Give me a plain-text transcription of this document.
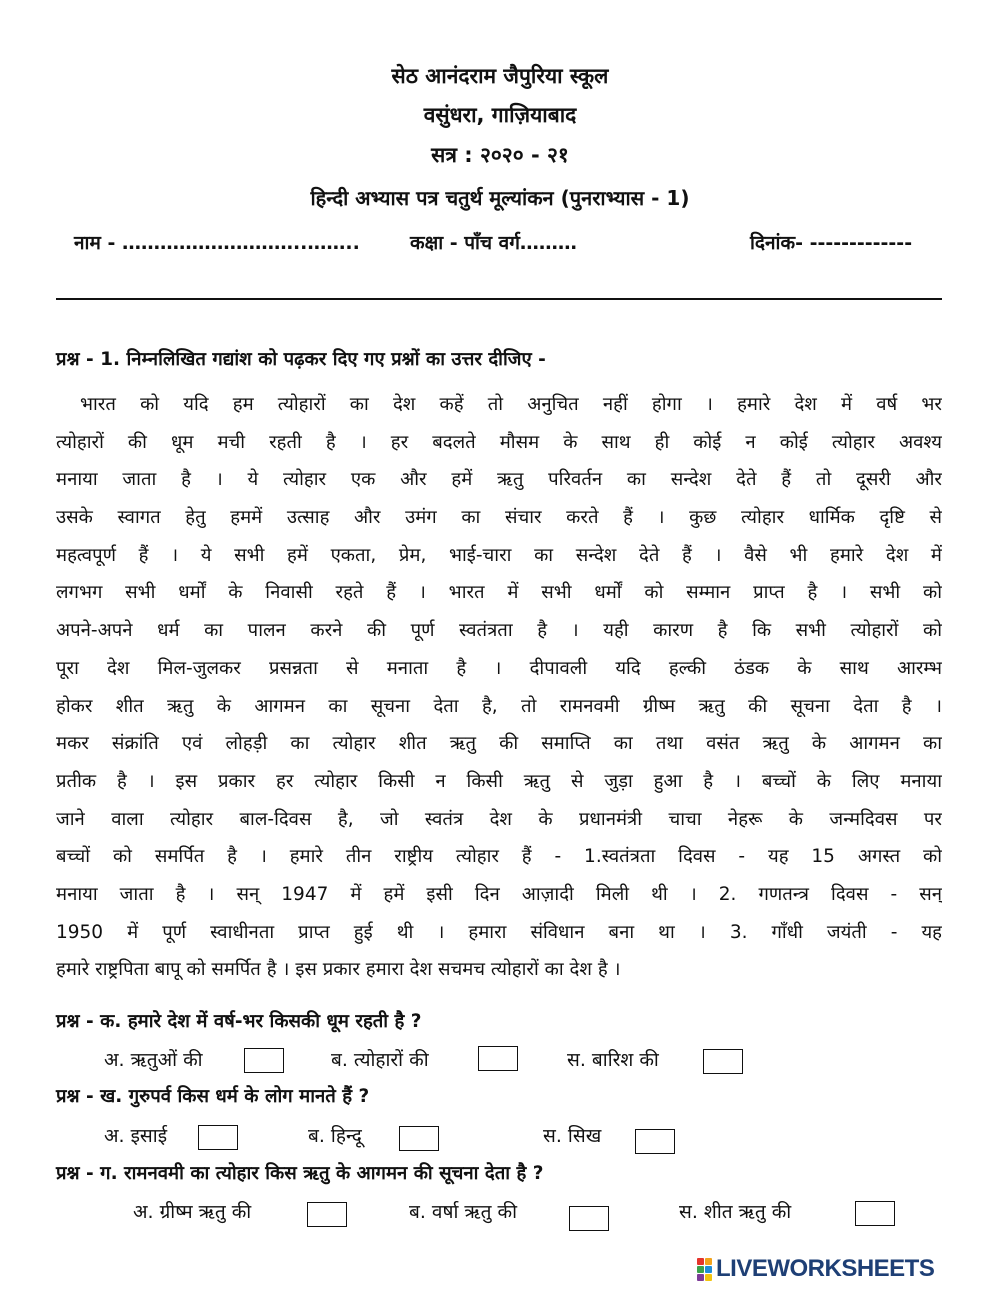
सेठ आनंदराम जैपुरिया स्कूल
वसुंधरा, गाज़ियाबाद
सत्र : २०२० - २१
हिन्दी अभ्यास पत्र चतुर्थ मूल्यांकन (पुनराभ्यास - 1)
नाम - ………………………..……..	कक्षा - पाँच वर्ग………	दिनांक- -------------
प्रश्न - 1. निम्नलिखित गद्यांश को पढ़कर दिए गए प्रश्नों का उत्तर दीजिए -
भारत को यदि हम त्योहारों का देश कहें तो अनुचित नहीं होगा । हमारे देश में वर्ष भर
त्योहारों की धूम मची रहती है । हर बदलते मौसम के साथ ही कोई न कोई त्योहार अवश्य
मनाया जाता है । ये त्योहार एक और हमें ऋतु परिवर्तन का सन्देश देते हैं तो दूसरी और
उसके स्वागत हेतु हममें उत्साह और उमंग का संचार करते हैं । कुछ त्योहार धार्मिक दृष्टि से
महत्वपूर्ण हैं । ये सभी हमें एकता, प्रेम, भाई-चारा का सन्देश देते हैं । वैसे भी हमारे देश में
लगभग सभी धर्मों के निवासी रहते हैं । भारत में सभी धर्मों को सम्मान प्राप्त है । सभी को
अपने-अपने धर्म का पालन करने की पूर्ण स्वतंत्रता है । यही कारण है कि सभी त्योहारों को
पूरा देश मिल-जुलकर प्रसन्नता से मनाता है । दीपावली यदि हल्की ठंडक के साथ आरम्भ
होकर शीत ऋतु के आगमन का सूचना देता है, तो रामनवमी ग्रीष्म ऋतु की सूचना देता है ।
मकर संक्रांति एवं लोहड़ी का त्योहार शीत ऋतु की समाप्ति का तथा वसंत ऋतु के आगमन का
प्रतीक है । इस प्रकार हर त्योहार किसी न किसी ऋतु से जुड़ा हुआ है । बच्चों के लिए मनाया
जाने वाला त्योहार बाल-दिवस है, जो स्वतंत्र देश के प्रधानमंत्री चाचा नेहरू के जन्मदिवस पर
बच्चों को समर्पित है । हमारे तीन राष्ट्रीय त्योहार हैं - 1.स्वतंत्रता दिवस - यह 15 अगस्त को
मनाया जाता है । सन् 1947 में हमें इसी दिन आज़ादी मिली थी । 2. गणतन्त्र दिवस - सन्
1950 में पूर्ण स्वाधीनता प्राप्त हुई थी । हमारा संविधान बना था । 3. गाँधी जयंती - यह
हमारे राष्ट्रपिता बापू को समर्पित है । इस प्रकार हमारा देश सचमच त्योहारों का देश है ।
प्रश्न - क. हमारे देश में वर्ष-भर किसकी धूम रहती है ?
अ. ऋतुओं की	ब. त्योहारों की	स. बारिश की
प्रश्न - ख. गुरुपर्व किस धर्म के लोग मानते हैं ?
अ. इसाई	ब. हिन्दू	स. सिख
प्रश्न - ग. रामनवमी का त्योहार किस ऋतु के आगमन की सूचना देता है ?
अ. ग्रीष्म ऋतु की	ब. वर्षा ऋतु की	स. शीत ऋतु की
LIVEWORKSHEETS
